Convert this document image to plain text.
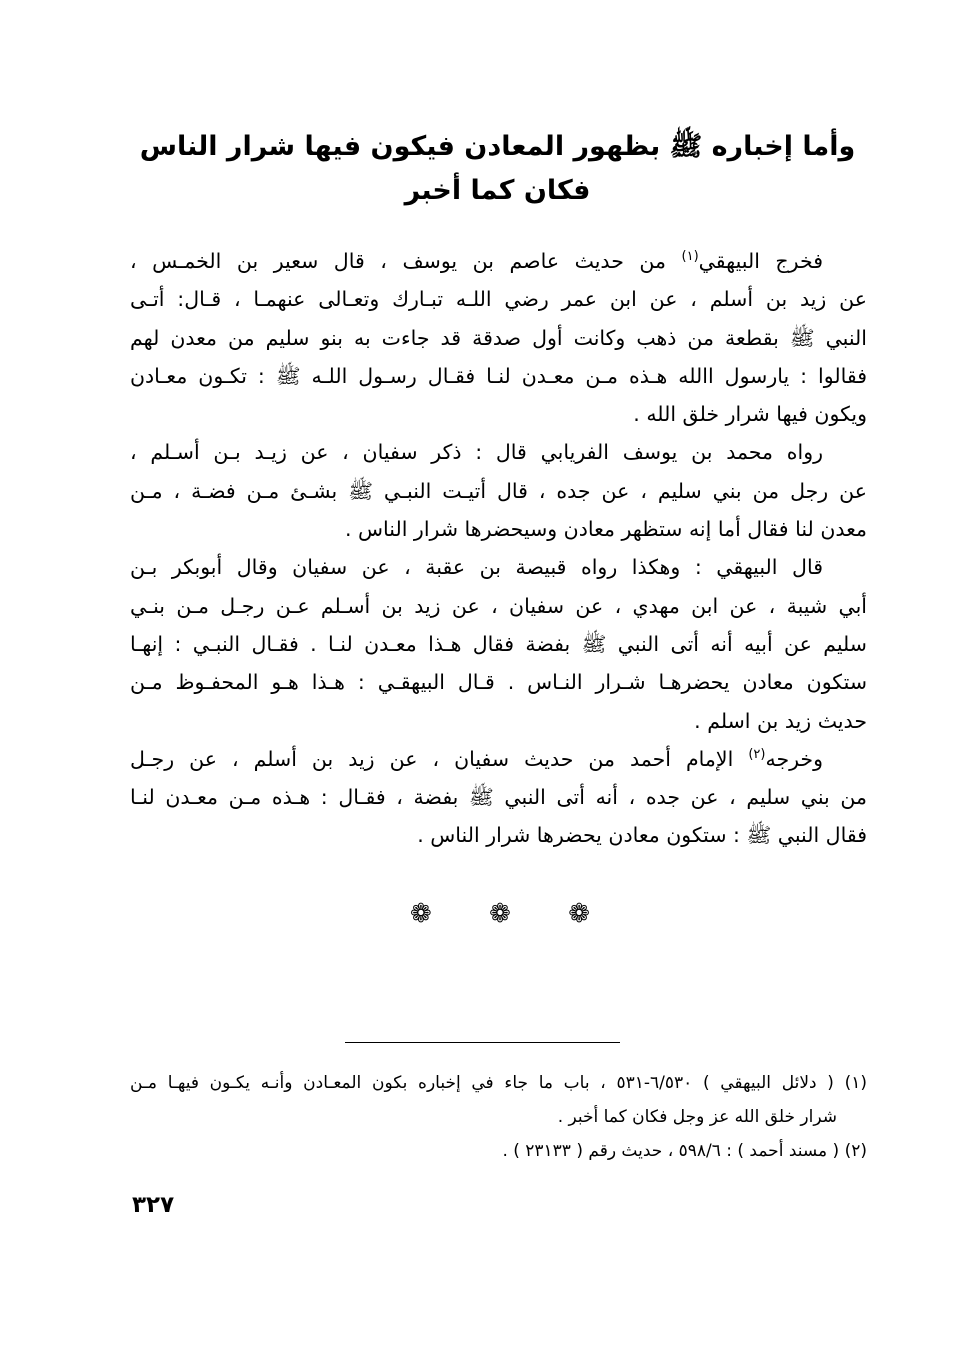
وأما إخباره ﷺ بظهور المعادن فيكون فيها شرار الناس
فكان كما أخبر

فخرج البيهقي$^{(١)}$ من حديث عاصم بن يوسف ، قال سعير بن الخمـس ،
عن زيد بن أسلم ، عن ابن عمر رضي اللـه تبـارك وتعـالى عنهمـا ، قـال: أتـى
النبي ﷺ بقطعة من ذهب وكانت أول صدقة قد جاءت به بنو سليم من معدن لهم
فقالوا : يارسول االله هـذه مـن معـدن لنـا فقـال رسـول اللـه ﷺ : تكـون معـادن
ويكون فيها شرار خلق الله .

رواه محمد بن يوسف الفريابي قال : ذكر سفيان ، عن زيـد بـن أسـلم ،
عن رجل من بني سليم ، عن جده ، قال أتيـت النبـي ﷺ بشـئ مـن فضـة ، مـن
معدن لنا فقال أما إنه ستظهر معادن وسيحضرها شرار الناس .

قال البيهقي : وهكذا رواه قبيصة بن عقبة ، عن سفيان وقال أبوبكر بـن
أبي شيبة ، عن ابن مهدي ، عن سفيان ، عن زيد بن أسـلم عـن رجـل مـن بنـي
سليم عن أبيه أنه أتى النبي ﷺ بفضة فقال هـذا معـدن لنـا . فقـال النبـي : إنهـا
ستكون معادن يحضرهـا شـرار النـاس . قـال البيهقـي : هـذا هـو المحفـوظ مـن
حديث زيد بن اسلم .

وخرجه$^{(٢)}$ الإمام أحمد من حديث سفيان ، عن زيد بن أسلم ، عن رجـل
من بني سليم ، عن جده ، أنه أتى النبي ﷺ بفضة ، فقـال : هـذه مـن معـدن لنـا
فقال النبي ﷺ : ستكون معادن يحضرها شرار الناس .

❁ ❁ ❁
(١) ( دلائل البيهقي ) ٦/٥٣٠-٥٣١ ، باب ما جاء في إخباره بكون المعـادن وأنـه يكـون فيهـا مـن
شرار خلق الله عز وجل فكان كما أخبر .
(٢) ( مسند أحمد ) : ٥٩٨/٦ ، حديث رقم ( ٢٣١٣٣ ) .
٣٢٧
